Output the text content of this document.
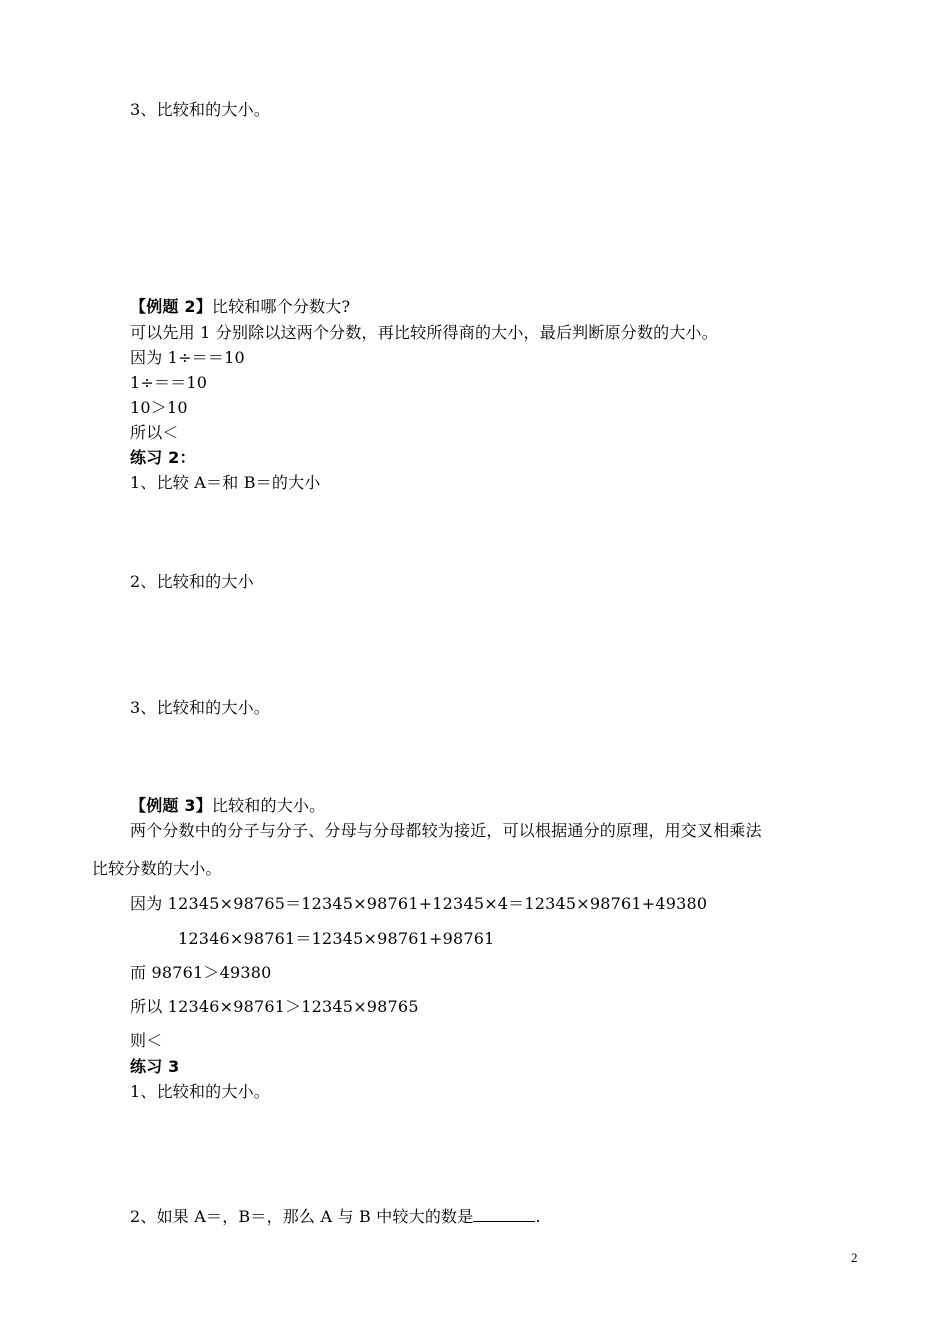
3、比较和的大小。
【例题 2】比较和哪个分数大?
可以先用 1 分别除以这两个分数，再比较所得商的大小，最后判断原分数的大小。
因为 1÷＝＝10
1÷＝＝10
10＞10
所以＜
练习 2：
1、比较 A＝和 B＝的大小
2、比较和的大小
3、比较和的大小。
【例题 3】比较和的大小。
两个分数中的分子与分子、分母与分母都较为接近，可以根据通分的原理，用交叉相乘法
比较分数的大小。
因为 12345×98765＝12345×98761+12345×4＝12345×98761+49380
12346×98761＝12345×98761+98761
而 98761＞49380
所以 12346×98761＞12345×98765
则＜
练习 3
1、比较和的大小。
2、如果 A＝，B＝，那么 A 与 B 中较大的数是	.
2
